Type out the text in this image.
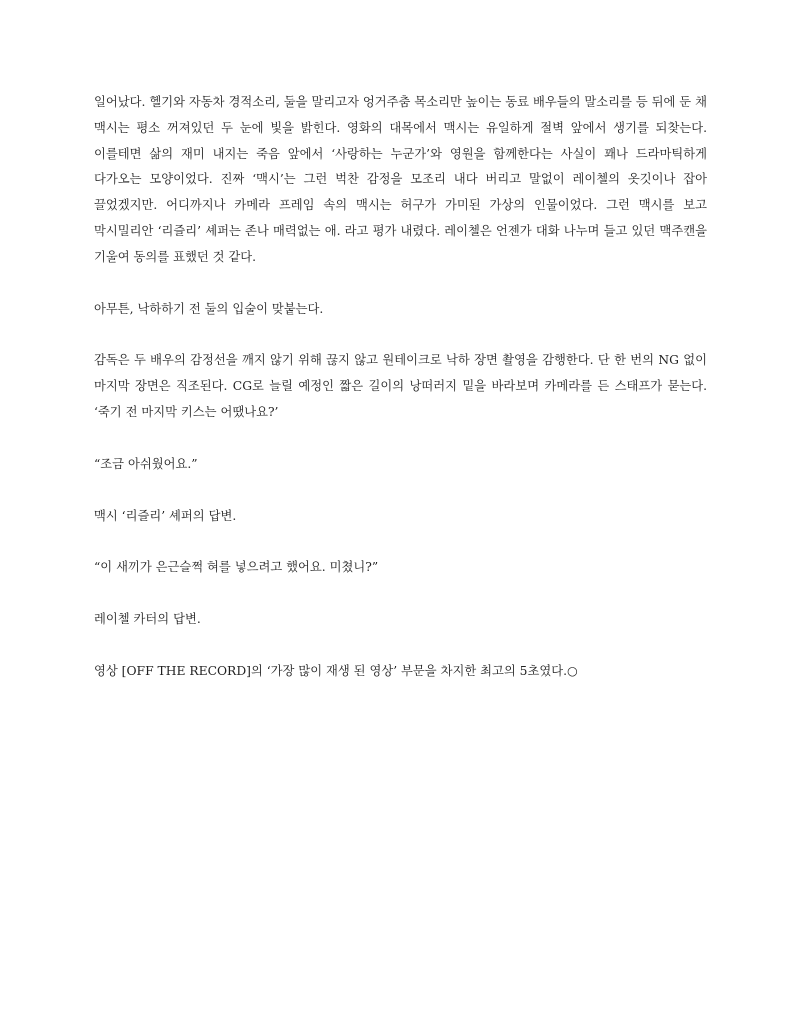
일어났다. 헬기와 자동차 경적소리, 둘을 말리고자 엉거주춤 목소리만 높이는 동료 배우들의 말소리를 등 뒤에 둔 채 맥시는 평소 꺼져있던 두 눈에 빛을 밝힌다. 영화의 대목에서 맥시는 유일하게 절벽 앞에서 생기를 되찾는다. 이를테면 삶의 재미 내지는 죽음 앞에서 ‘사랑하는 누군가’와 영원을 함께한다는 사실이 꽤나 드라마틱하게 다가오는 모양이었다. 진짜 ‘맥시’는 그런 벅찬 감정을 모조리 내다 버리고 말없이 레이첼의 옷깃이나 잡아 끌었겠지만. 어디까지나 카메라 프레임 속의 맥시는 허구가 가미된 가상의 인물이었다. 그런 맥시를 보고 막시밀리안 ‘리즐리’ 셰퍼는 존나 매력없는 애. 라고 평가 내렸다. 레이첼은 언젠가 대화 나누며 들고 있던 맥주캔을 기울여 동의를 표했던 것 같다.

아무튼, 낙하하기 전 둘의 입술이 맞붙는다.

감독은 두 배우의 감정선을 깨지 않기 위해 끊지 않고 원테이크로 낙하 장면 촬영을 감행한다. 단 한 번의 NG 없이 마지막 장면은 직조된다. CG로 늘릴 예정인 짧은 길이의 낭떠러지 밑을 바라보며 카메라를 든 스태프가 묻는다. ‘죽기 전 마지막 키스는 어땠나요?’

“조금 아쉬웠어요.”

맥시 ‘리즐리’ 셰퍼의 답변.

“이 새끼가 은근슬쩍 혀를 넣으려고 했어요. 미쳤니?”

레이첼 카터의 답변.

영상 [OFF THE RECORD]의 ‘가장 많이 재생 된 영상’ 부문을 차지한 최고의 5초였다.○
